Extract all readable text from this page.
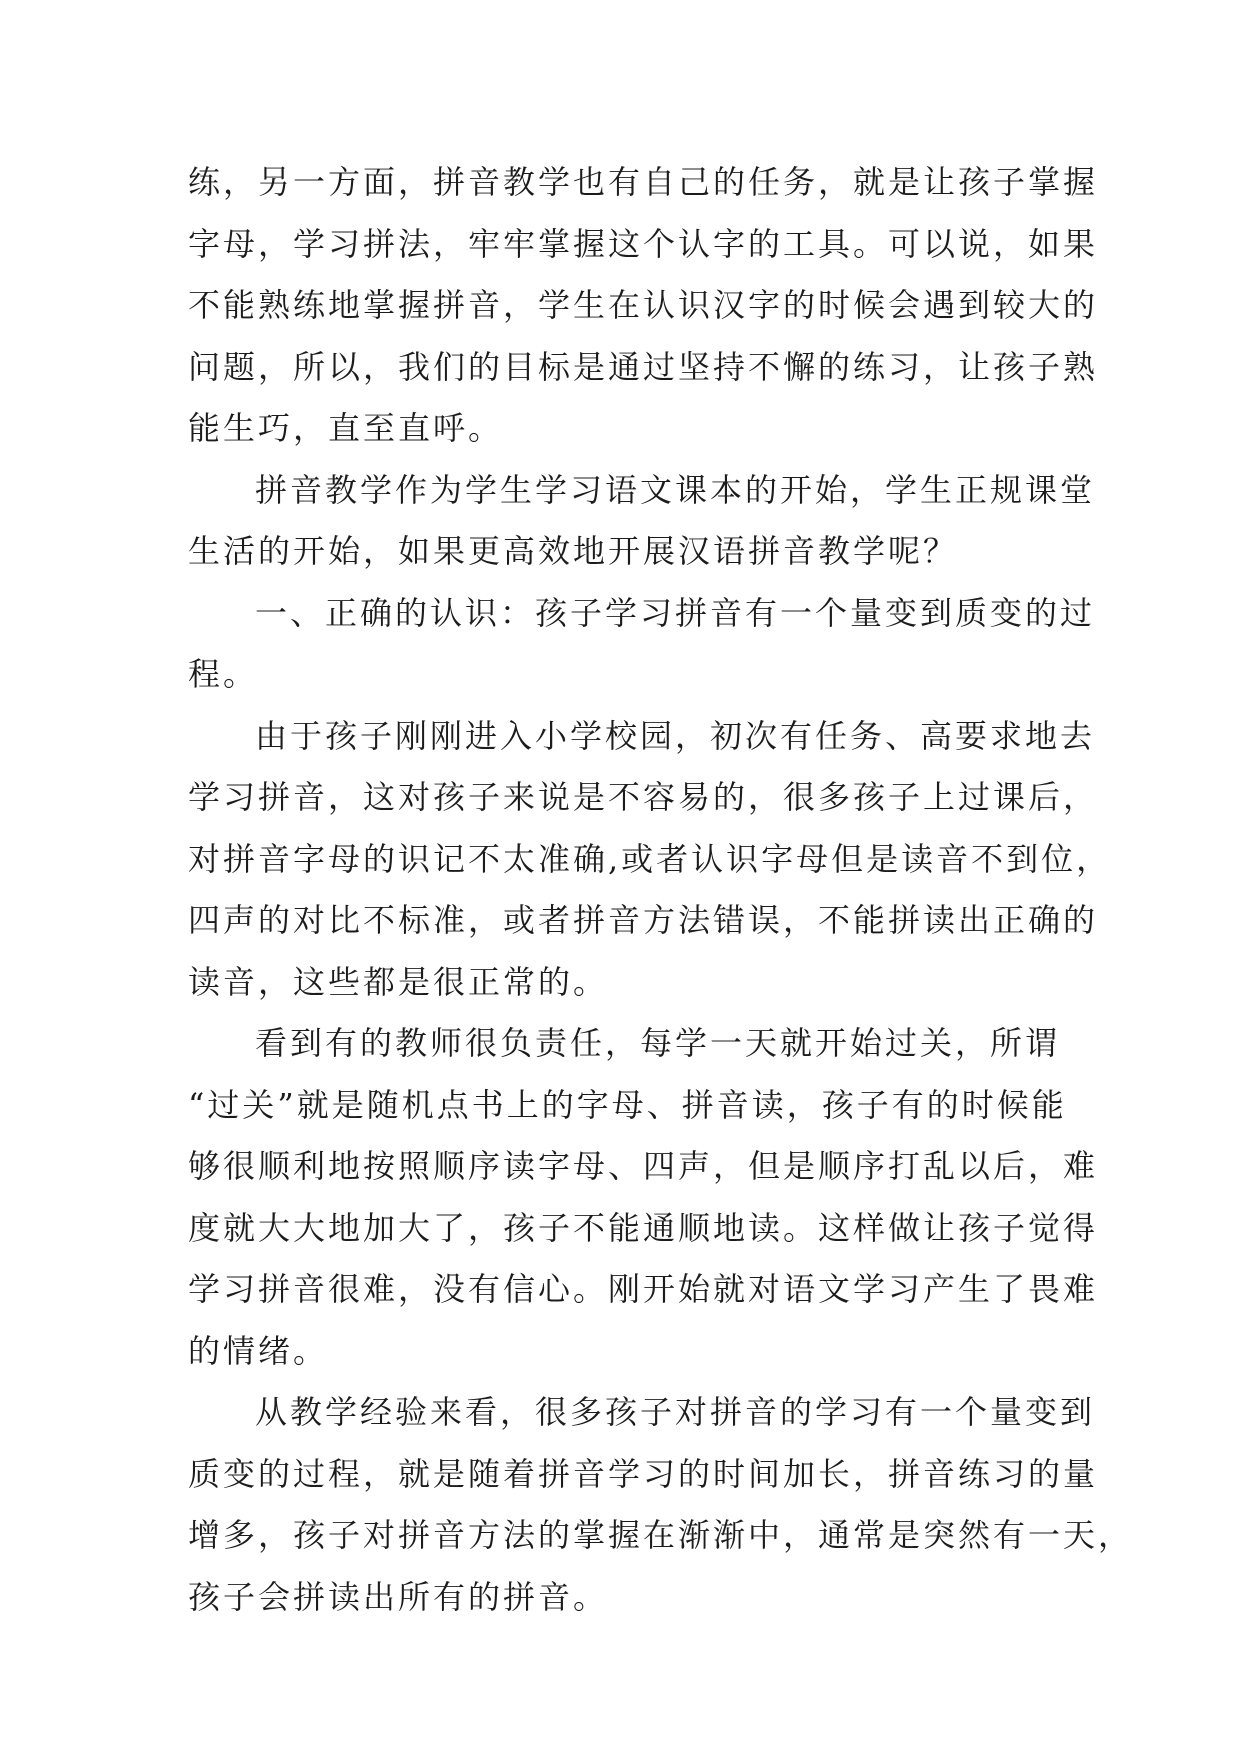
练，另一方面，拼音教学也有自己的任务，就是让孩子掌握
字母，学习拼法，牢牢掌握这个认字的工具。可以说，如果
不能熟练地掌握拼音，学生在认识汉字的时候会遇到较大的
问题，所以，我们的目标是通过坚持不懈的练习，让孩子熟
能生巧，直至直呼。

拼音教学作为学生学习语文课本的开始，学生正规课堂
生活的开始，如果更高效地开展汉语拼音教学呢？

一、正确的认识：孩子学习拼音有一个量变到质变的过
程。

由于孩子刚刚进入小学校园，初次有任务、高要求地去
学习拼音，这对孩子来说是不容易的，很多孩子上过课后，
对拼音字母的识记不太准确,或者认识字母但是读音不到位，
四声的对比不标准，或者拼音方法错误，不能拼读出正确的
读音，这些都是很正常的。

看到有的教师很负责任，每学一天就开始过关，所谓
“过关”就是随机点书上的字母、拼音读，孩子有的时候能
够很顺利地按照顺序读字母、四声，但是顺序打乱以后，难
度就大大地加大了，孩子不能通顺地读。这样做让孩子觉得
学习拼音很难，没有信心。刚开始就对语文学习产生了畏难
的情绪。

从教学经验来看，很多孩子对拼音的学习有一个量变到
质变的过程，就是随着拼音学习的时间加长，拼音练习的量
增多，孩子对拼音方法的掌握在渐渐中，通常是突然有一天，
孩子会拼读出所有的拼音。
